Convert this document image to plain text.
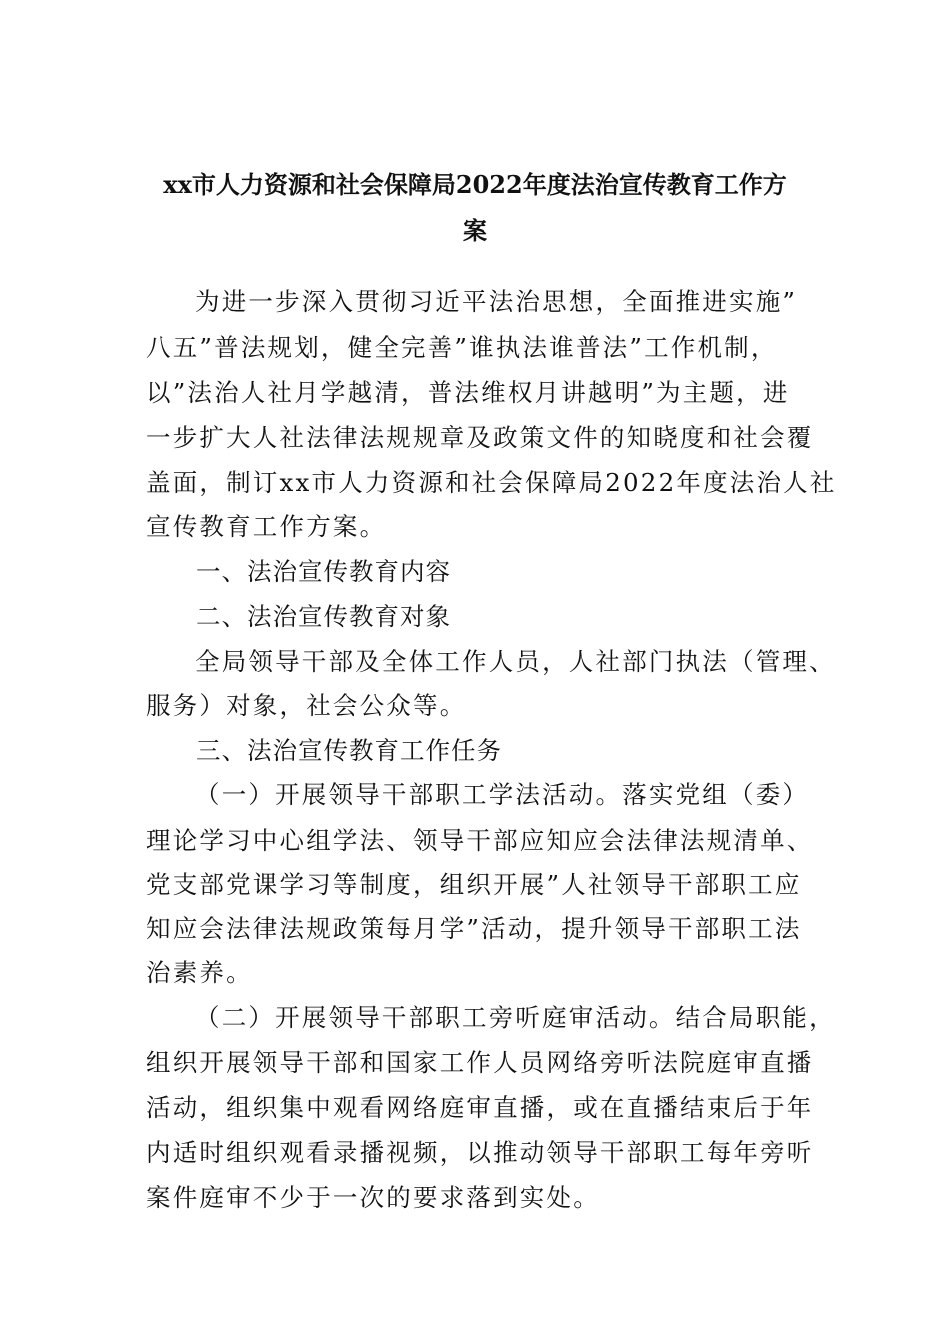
xx市人力资源和社会保障局2022年度法治宣传教育工作方
案
为进一步深入贯彻习近平法治思想，全面推进实施”
八五”普法规划，健全完善”谁执法谁普法”工作机制，
以”法治人社月学越清，普法维权月讲越明”为主题，进
一步扩大人社法律法规规章及政策文件的知晓度和社会覆
盖面，制订xx市人力资源和社会保障局2022年度法治人社
宣传教育工作方案。
一、法治宣传教育内容
二、法治宣传教育对象
全局领导干部及全体工作人员，人社部门执法（管理、
服务）对象，社会公众等。
三、法治宣传教育工作任务
（一）开展领导干部职工学法活动。落实党组（委）
理论学习中心组学法、领导干部应知应会法律法规清单、
党支部党课学习等制度，组织开展”人社领导干部职工应
知应会法律法规政策每月学”活动，提升领导干部职工法
治素养。
（二）开展领导干部职工旁听庭审活动。结合局职能，
组织开展领导干部和国家工作人员网络旁听法院庭审直播
活动，组织集中观看网络庭审直播，或在直播结束后于年
内适时组织观看录播视频，以推动领导干部职工每年旁听
案件庭审不少于一次的要求落到实处。
